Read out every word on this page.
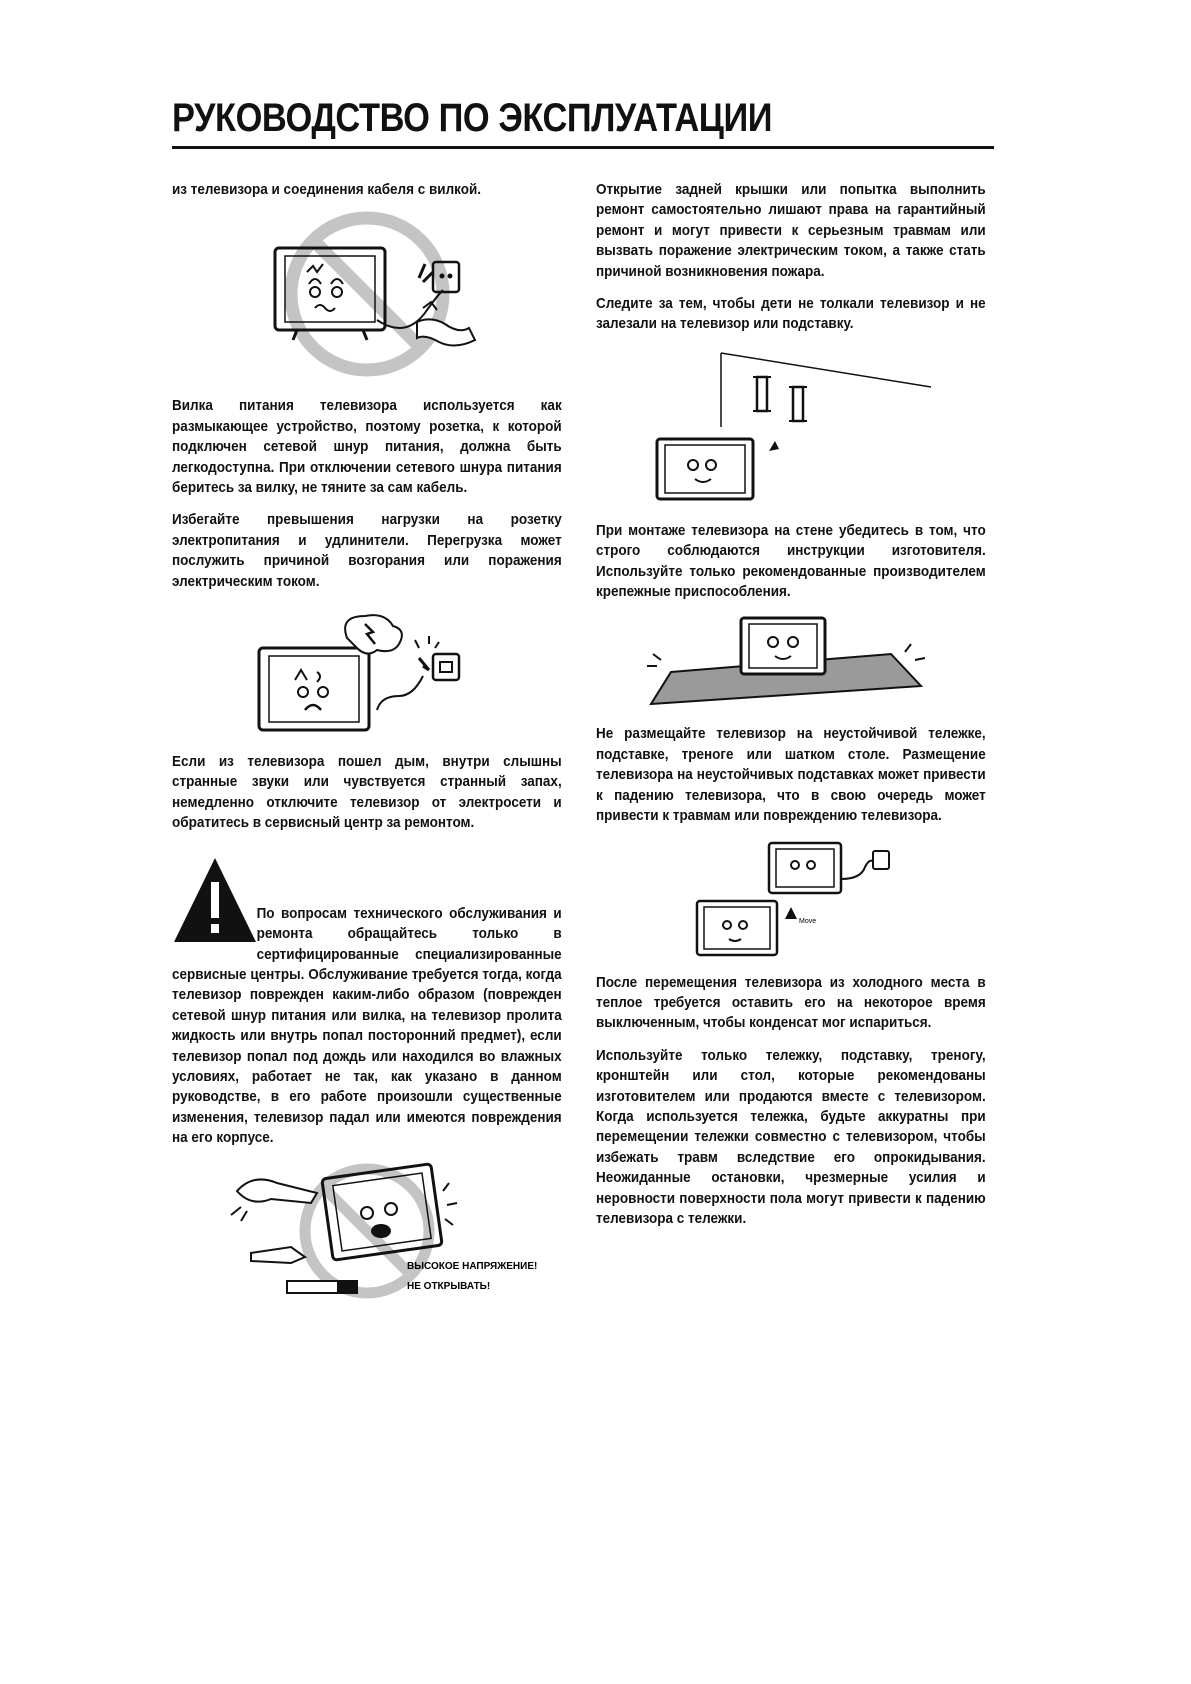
РУКОВОДСТВО ПО ЭКСПЛУАТАЦИИ

из телевизора и соединения кабеля с вилкой.

Вилка питания телевизора используется как размыкающее устройство, поэтому розетка, к которой подключен сетевой шнур питания, должна быть легкодоступна. При отключении сетевого шнура питания беритесь за вилку, не тяните за сам кабель.

Избегайте превышения нагрузки на розетку электропитания и удлинители. Перегрузка может послужить причиной возгорания или поражения электрическим током.

Если из телевизора пошел дым, внутри слышны странные звуки или чувствуется странный запах, немедленно отключите телевизор от электросети и обратитесь в сервисный центр за ремонтом.

По вопросам технического обслуживания и ремонта обращайтесь только в сертифицированные специализированные сервисные центры. Обслуживание требуется тогда, когда телевизор поврежден каким-либо образом (поврежден сетевой шнур питания или вилка, на телевизор пролита жидкость или внутрь попал посторонний предмет), если телевизор попал под дождь или находился во влажных условиях, работает не так, как указано в данном руководстве, в его работе произошли существенные изменения, телевизор падал или имеются повреждения на его корпусе.

ВЫСОКОЕ НАПРЯЖЕНИЕ!
НЕ ОТКРЫВАТЬ!

Открытие задней крышки или попытка выполнить ремонт самостоятельно лишают права на гарантийный ремонт и могут привести к серьезным травмам или вызвать поражение электрическим током, а также стать причиной возникновения пожара.

Следите за тем, чтобы дети не толкали телевизор и не залезали на телевизор или подставку.

При монтаже телевизора на стене убедитесь в том, что строго соблюдаются инструкции изготовителя. Используйте только рекомендованные производителем крепежные приспособления.

Не размещайте телевизор на неустойчивой тележке, подставке, треноге или шатком столе. Размещение телевизора на неустойчивых подставках может привести к падению телевизора, что в свою очередь может привести к травмам или повреждению телевизора.

Move

После перемещения телевизора из холодного места в теплое требуется оставить его на некоторое время выключенным, чтобы конденсат мог испариться.

Используйте только тележку, подставку, треногу, кронштейн или стол, которые рекомендованы изготовителем или продаются вместе с телевизором. Когда используется тележка, будьте аккуратны при перемещении тележки совместно с телевизором, чтобы избежать травм вследствие его опрокидывания. Неожиданные остановки, чрезмерные усилия и неровности поверхности пола могут привести к падению телевизора с тележки.
